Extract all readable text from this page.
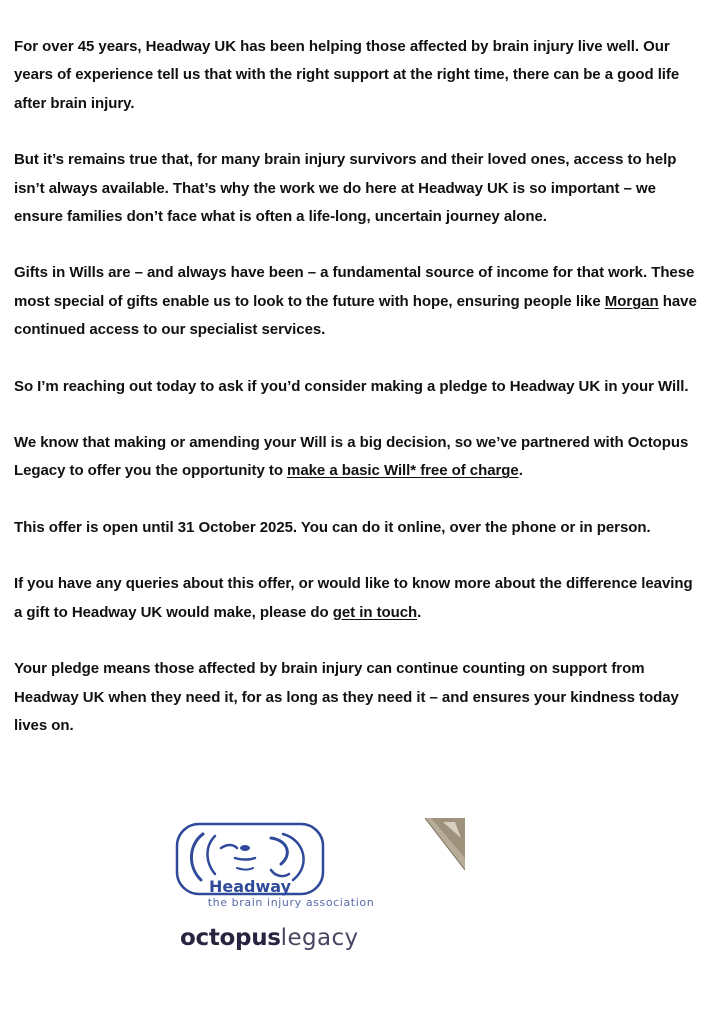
For over 45 years, Headway UK has been helping those affected by brain injury live well. Our years of experience tell us that with the right support at the right time, there can be a good life after brain injury.

But it’s remains true that, for many brain injury survivors and their loved ones, access to help isn’t always available. That’s why the work we do here at Headway UK is so important – we ensure families don’t face what is often a life-long, uncertain journey alone.

Gifts in Wills are – and always have been – a fundamental source of income for that work. These most special of gifts enable us to look to the future with hope, ensuring people like Morgan have continued access to our specialist services.

So I’m reaching out today to ask if you’d consider making a pledge to Headway UK in your Will.

We know that making or amending your Will is a big decision, so we’ve partnered with Octopus Legacy to offer you the opportunity to make a basic Will* free of charge.

This offer is open until 31 October 2025. You can do it online, over the phone or in person.

If you have any queries about this offer, or would like to know more about the difference leaving a gift to Headway UK would make, please do get in touch.

Your pledge means those affected by brain injury can continue counting on support from Headway UK when they need it, for as long as they need it – and ensures your kindness today lives on.

Headway
the brain injury association
octopuslegacy
